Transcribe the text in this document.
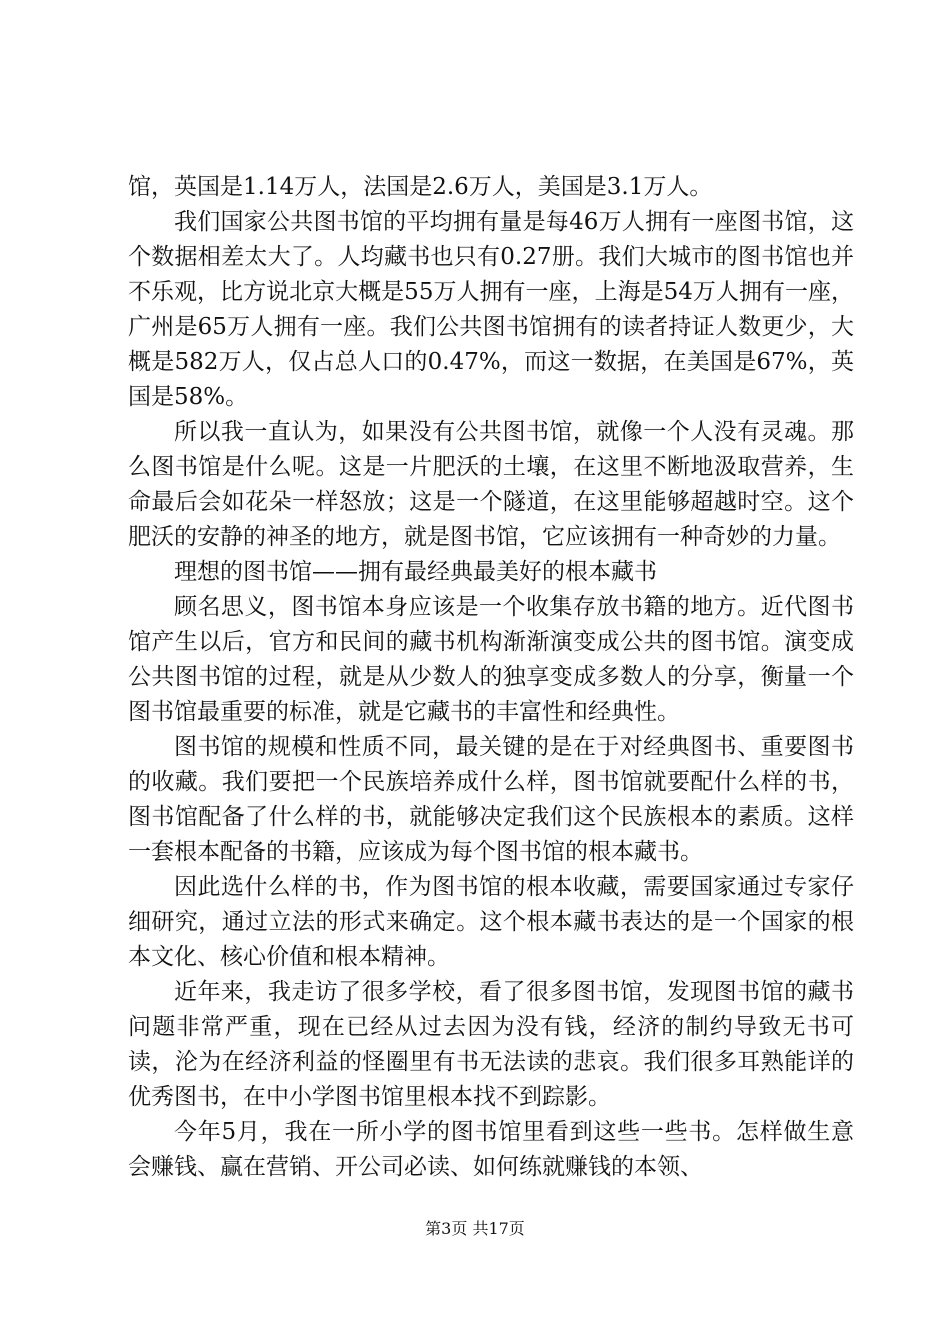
馆，英国是1.14万人，法国是2.6万人，美国是3.1万人。

我们国家公共图书馆的平均拥有量是每46万人拥有一座图书馆，这个数据相差太大了。人均藏书也只有0.27册。我们大城市的图书馆也并不乐观，比方说北京大概是55万人拥有一座，上海是54万人拥有一座，广州是65万人拥有一座。我们公共图书馆拥有的读者持证人数更少，大概是582万人，仅占总人口的0.47%，而这一数据，在美国是67%，英国是58%。

所以我一直认为，如果没有公共图书馆，就像一个人没有灵魂。那么图书馆是什么呢。这是一片肥沃的土壤，在这里不断地汲取营养，生命最后会如花朵一样怒放；这是一个隧道，在这里能够超越时空。这个肥沃的安静的神圣的地方，就是图书馆，它应该拥有一种奇妙的力量。

理想的图书馆——拥有最经典最美好的根本藏书

顾名思义，图书馆本身应该是一个收集存放书籍的地方。近代图书馆产生以后，官方和民间的藏书机构渐渐演变成公共的图书馆。演变成公共图书馆的过程，就是从少数人的独享变成多数人的分享，衡量一个图书馆最重要的标准，就是它藏书的丰富性和经典性。

图书馆的规模和性质不同，最关键的是在于对经典图书、重要图书的收藏。我们要把一个民族培养成什么样，图书馆就要配什么样的书，图书馆配备了什么样的书，就能够决定我们这个民族根本的素质。这样一套根本配备的书籍，应该成为每个图书馆的根本藏书。

因此选什么样的书，作为图书馆的根本收藏，需要国家通过专家仔细研究，通过立法的形式来确定。这个根本藏书表达的是一个国家的根本文化、核心价值和根本精神。

近年来，我走访了很多学校，看了很多图书馆，发现图书馆的藏书问题非常严重，现在已经从过去因为没有钱，经济的制约导致无书可读，沦为在经济利益的怪圈里有书无法读的悲哀。我们很多耳熟能详的优秀图书，在中小学图书馆里根本找不到踪影。

今年5月，我在一所小学的图书馆里看到这些一些书。怎样做生意会赚钱、赢在营销、开公司必读、如何练就赚钱的本领、

第3页 共17页
